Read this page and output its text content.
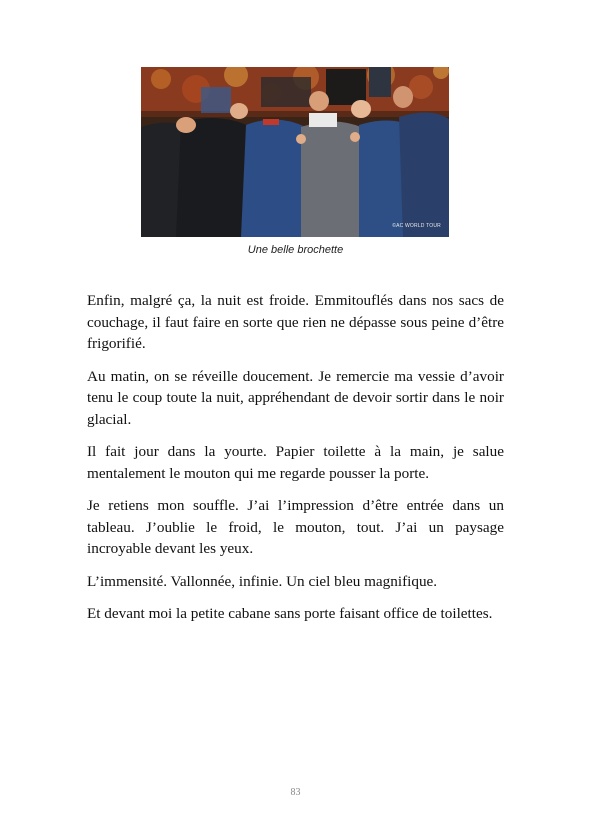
©AC WORLD TOUR
Une belle brochette

Enfin, malgré ça, la nuit est froide. Emmitouflés dans nos sacs de couchage, il faut faire en sorte que rien ne dépasse sous peine d’être frigorifié.

Au matin, on se réveille doucement. Je remercie ma vessie d’avoir tenu le coup toute la nuit, appréhendant de devoir sortir dans le noir glacial.

Il fait jour dans la yourte. Papier toilette à la main, je salue mentalement le mouton qui me regarde pousser la porte.

Je retiens mon souffle. J’ai l’impression d’être entrée dans un tableau. J’oublie le froid, le mouton, tout. J’ai un paysage incroyable devant les yeux.

L’immensité. Vallonnée, infinie. Un ciel bleu magnifique.

Et devant moi la petite cabane sans porte faisant office de toilettes.

83
